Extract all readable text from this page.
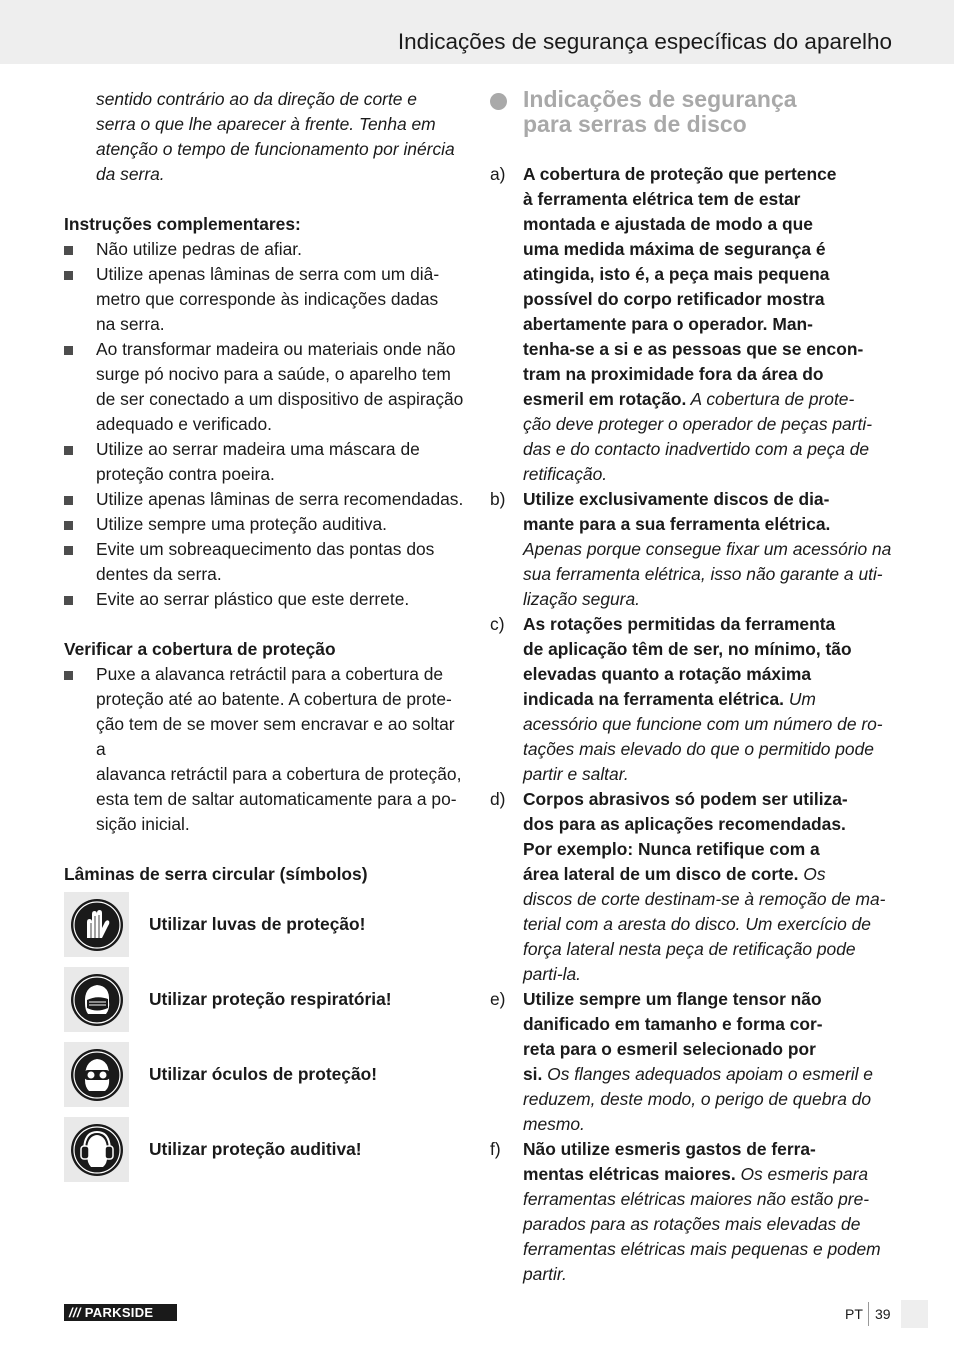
Indicações de segurança específicas do aparelho
sentido contrário ao da direção de corte e
serra o que lhe aparecer à frente. Tenha em
atenção o tempo de funcionamento por inércia
da serra.
Instruções complementares:
Não utilize pedras de afiar.
Utilize apenas lâminas de serra com um diâ-
metro que corresponde às indicações dadas
na serra.
Ao transformar madeira ou materiais onde não
surge pó nocivo para a saúde, o aparelho tem
de ser conectado a um dispositivo de aspiração
adequado e verificado.
Utilize ao serrar madeira uma máscara de
proteção contra poeira.
Utilize apenas lâminas de serra recomendadas.
Utilize sempre uma proteção auditiva.
Evite um sobreaquecimento das pontas dos
dentes da serra.
Evite ao serrar plástico que este derrete.
Verificar a cobertura de proteção
Puxe a alavanca retráctil para a cobertura de
proteção até ao batente. A cobertura de prote-
ção tem de se mover sem encravar e ao soltar a
alavanca retráctil para a cobertura de proteção,
esta tem de saltar automaticamente para a po-
sição inicial.
Lâminas de serra circular (símbolos)
Utilizar luvas de proteção!
Utilizar proteção respiratória!
Utilizar óculos de proteção!
Utilizar proteção auditiva!
Indicações de segurança
para serras de disco
a) A cobertura de proteção que pertence
à ferramenta elétrica tem de estar
montada e ajustada de modo a que
uma medida máxima de segurança é
atingida, isto é, a peça mais pequena
possível do corpo retificador mostra
abertamente para o operador. Man-
tenha-se a si e as pessoas que se encon-
tram na proximidade fora da área do
esmeril em rotação. A cobertura de prote-
ção deve proteger o operador de peças parti-
das e do contacto inadvertido com a peça de
retificação.
b) Utilize exclusivamente discos de dia-
mante para a sua ferramenta elétrica.
Apenas porque consegue fixar um acessório na
sua ferramenta elétrica, isso não garante a uti-
lização segura.
c) As rotações permitidas da ferramenta
de aplicação têm de ser, no mínimo, tão
elevadas quanto a rotação máxima
indicada na ferramenta elétrica. Um
acessório que funcione com um número de ro-
tações mais elevado do que o permitido pode
partir e saltar.
d) Corpos abrasivos só podem ser utiliza-
dos para as aplicações recomendadas.
Por exemplo: Nunca retifique com a
área lateral de um disco de corte. Os
discos de corte destinam-se à remoção de ma-
terial com a aresta do disco. Um exercício de
força lateral nesta peça de retificação pode
parti-la.
e) Utilize sempre um flange tensor não
danificado em tamanho e forma cor-
reta para o esmeril selecionado por
si. Os flanges adequados apoiam o esmeril e
reduzem, deste modo, o perigo de quebra do
mesmo.
f) Não utilize esmeris gastos de ferra-
mentas elétricas maiores. Os esmeris para
ferramentas elétricas maiores não estão pre-
parados para as rotações mais elevadas de
ferramentas elétricas mais pequenas e podem
partir.
/// PARKSIDE	PT 39
